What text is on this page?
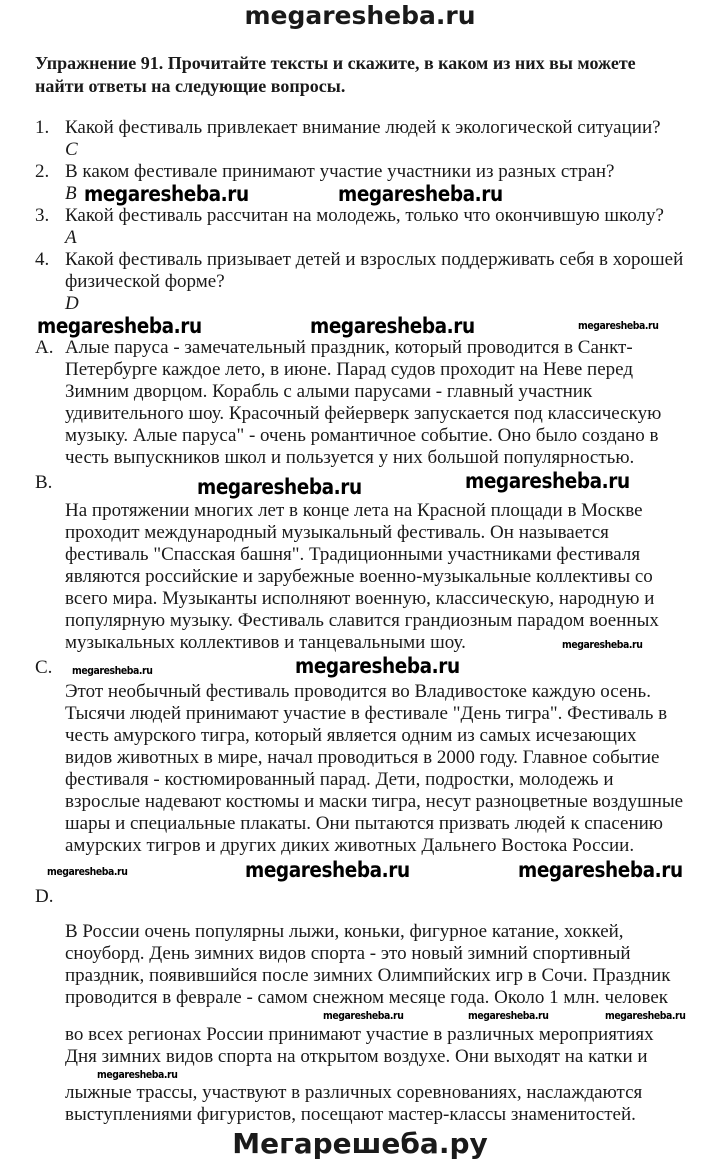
megaresheba.ru
Мегарешеба.ру
Упражнение 91. Прочитайте тексты и скажите, в каком из них вы можете
найти ответы на следующие вопросы.
1. Какой фестиваль привлекает внимание людей к экологической ситуации?
C
2. В каком фестивале принимают участие участники из разных стран?
B
3. Какой фестиваль рассчитан на молодежь, только что окончившую школу?
A
4. Какой фестиваль призывает детей и взрослых поддерживать себя в хорошей
физической форме?
D
A. Алые паруса - замечательный праздник, который проводится в Санкт-
Петербурге каждое лето, в июне. Парад судов проходит на Неве перед
Зимним дворцом. Корабль с алыми парусами - главный участник
удивительного шоу. Красочный фейерверк запускается под классическую
музыку. Алые паруса" - очень романтичное событие. Оно было создано в
честь выпускников школ и пользуется у них большой популярностью.
B.
На протяжении многих лет в конце лета на Красной площади в Москве
проходит международный музыкальный фестиваль. Он называется
фестиваль "Спасская башня". Традиционными участниками фестиваля
являются российские и зарубежные военно-музыкальные коллективы со
всего мира. Музыканты исполняют военную, классическую, народную и
популярную музыку. Фестиваль славится грандиозным парадом военных
музыкальных коллективов и танцевальными шоу.
C.
Этот необычный фестиваль проводится во Владивостоке каждую осень.
Тысячи людей принимают участие в фестивале "День тигра". Фестиваль в
честь амурского тигра, который является одним из самых исчезающих
видов животных в мире, начал проводиться в 2000 году. Главное событие
фестиваля - костюмированный парад. Дети, подростки, молодежь и
взрослые надевают костюмы и маски тигра, несут разноцветные воздушные
шары и специальные плакаты. Они пытаются призвать людей к спасению
амурских тигров и других диких животных Дальнего Востока России.
D.
В России очень популярны лыжи, коньки, фигурное катание, хоккей,
сноуборд. День зимних видов спорта - это новый зимний спортивный
праздник, появившийся после зимних Олимпийских игр в Сочи. Праздник
проводится в феврале - самом снежном месяце года. Около 1 млн. человек
во всех регионах России принимают участие в различных мероприятиях
Дня зимних видов спорта на открытом воздухе. Они выходят на катки и
лыжные трассы, участвуют в различных соревнованиях, наслаждаются
выступлениями фигуристов, посещают мастер-классы знаменитостей.
megaresheba.ru	megaresheba.ru
megaresheba.ru	megaresheba.ru	megaresheba.ru
megaresheba.ru
megaresheba.ru
megaresheba.ru
megaresheba.ru
megaresheba.ru
megaresheba.ru	megaresheba.ru	megaresheba.ru
megaresheba.ru	megaresheba.ru	megaresheba.ru
megaresheba.ru
